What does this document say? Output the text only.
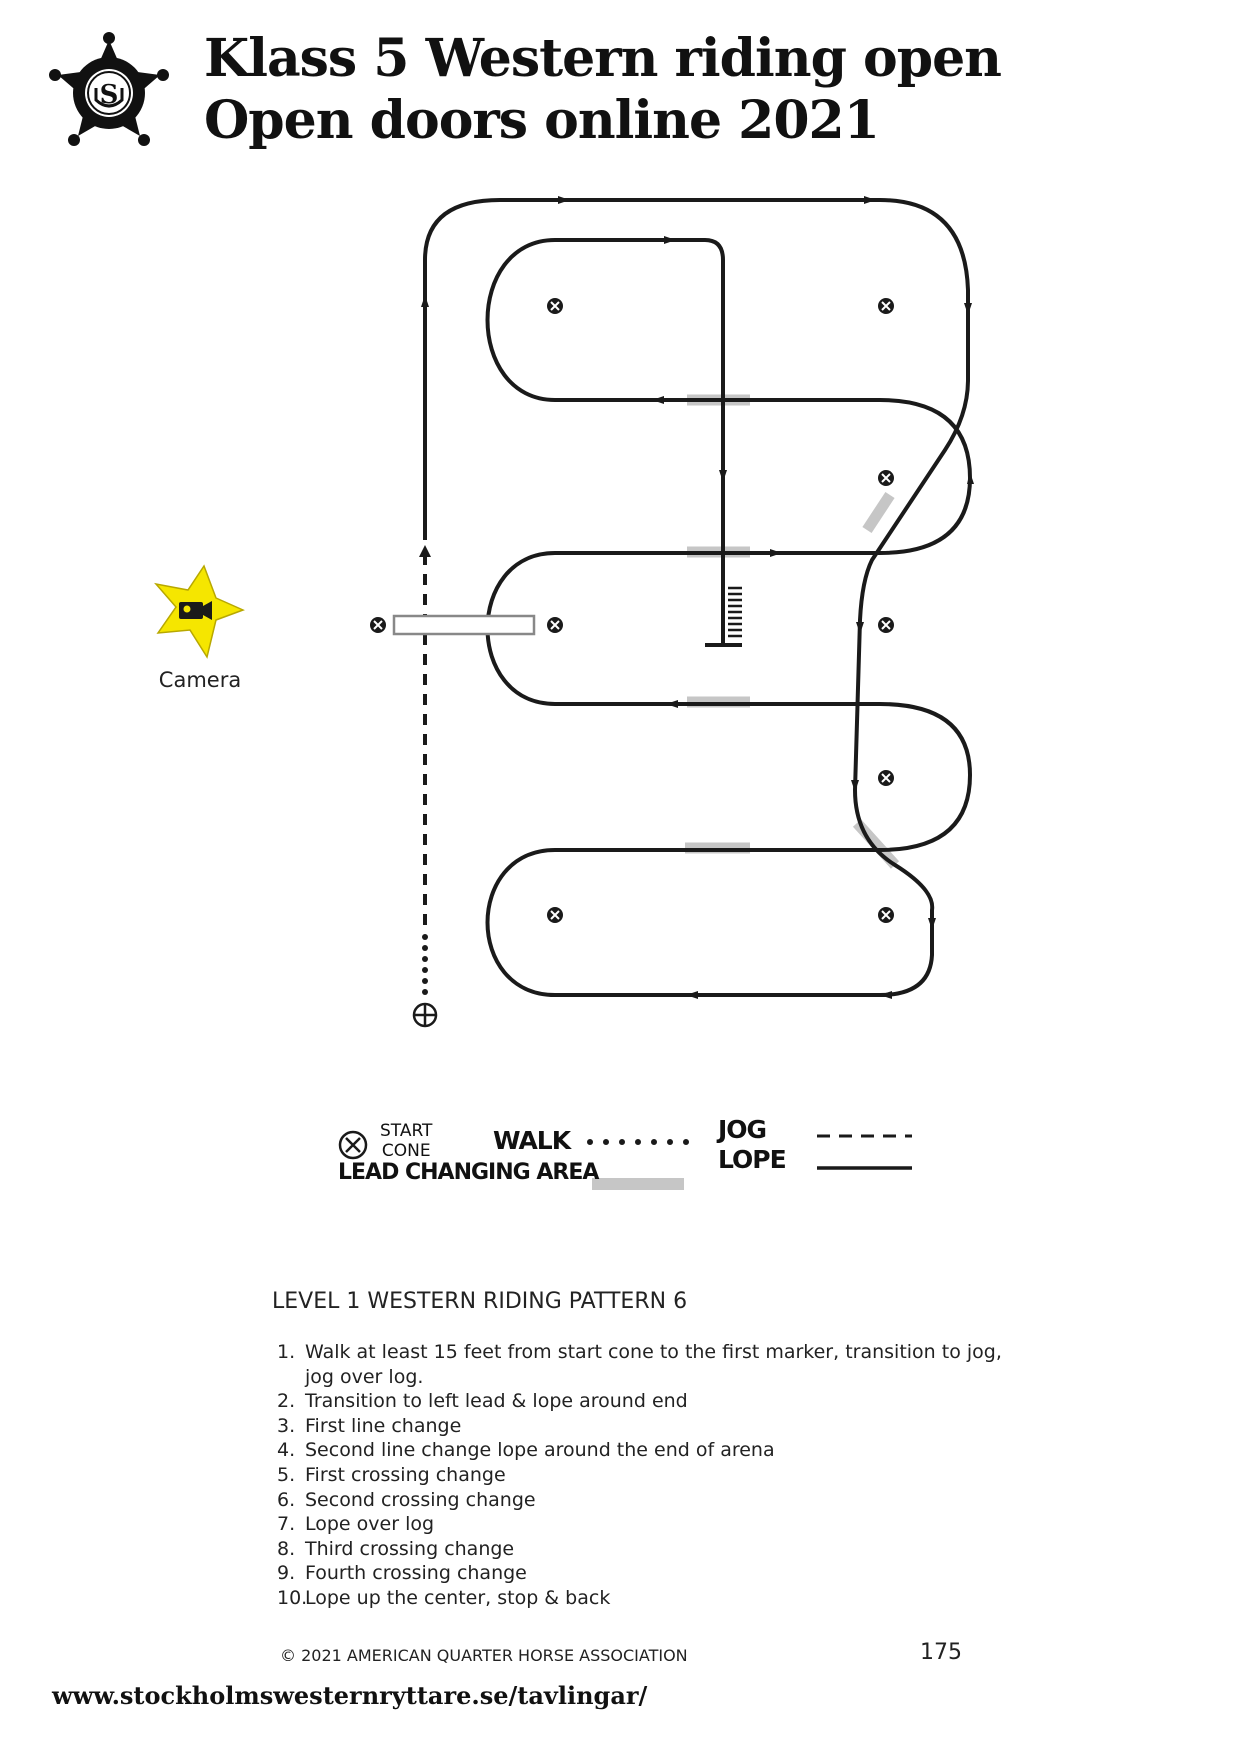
S
Klass 5 Western riding open
Open doors online 2021
Camera
START
CONE WALK	JOG
LOPE
LEAD CHANGING AREA
LEVEL 1 WESTERN RIDING PATTERN 6
1. Walk at least 15 feet from start cone to the first marker, transition to jog, jog over log.
2. Transition to left lead & lope around end
3. First line change
4. Second line change lope around the end of arena
5. First crossing change
6. Second crossing change
7. Lope over log
8. Third crossing change
9. Fourth crossing change
10.
Lope up the center, stop & back
© 2021 AMERICAN QUARTER HORSE ASSOCIATION	175
www.stockholmswesternryttare.se/tavlingar/
